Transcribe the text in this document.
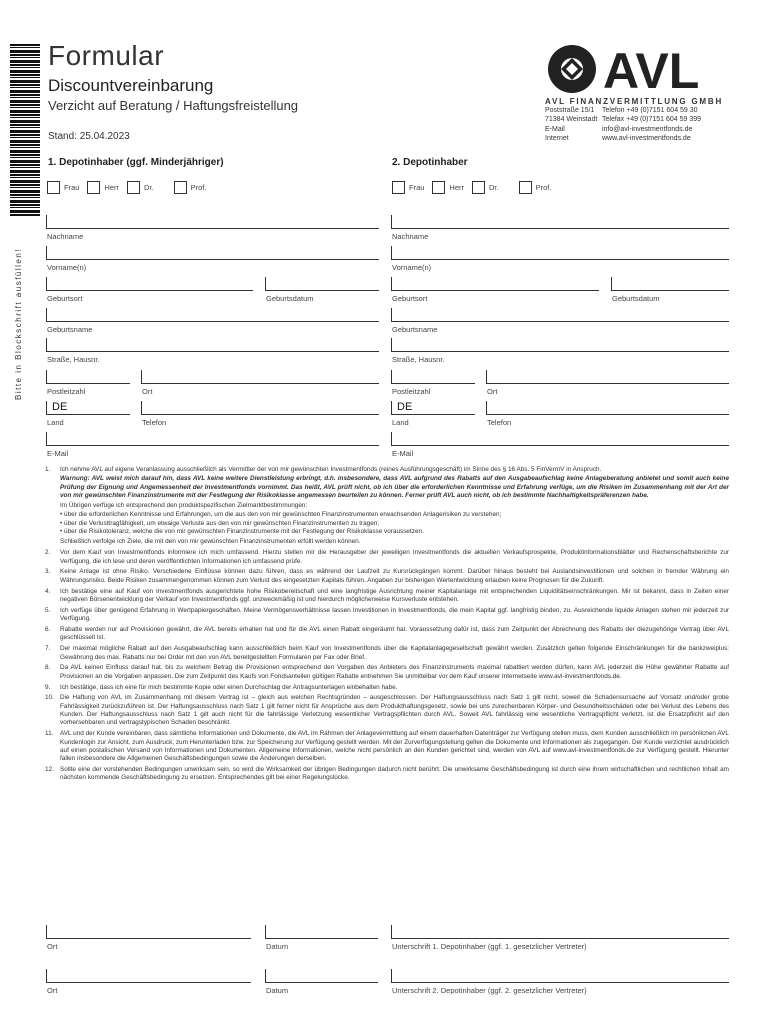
Bitte in Blockschrift ausfüllen!
Formular
Discountvereinbarung
Verzicht auf Beratung / Haftungsfreistellung
Stand: 25.04.2023
AVL
AVL FINANZVERMITTLUNG GMBH
Poststraße 15/1	Telefon +49 (0)7151 604 59 30
71384 Weinstadt Telefax +49 (0)7151 604 59 399
E-Mail	info@avl-investmentfonds.de
Internet	www.avl-investmentfonds.de
1. Depotinhaber (ggf. Minderjähriger)	2. Depotinhaber
Frau	Herr	Dr.	Prof.	Frau	Herr	Dr.	Prof.
Nachname
Vorname(n)
Geburtsort	Geburtsdatum
Geburtsname
Straße, Hausnr.
Postleitzahl	Ort
DE
Land	Telefon
E-Mail
Nachname
Vorname(n)
Geburtsort	Geburtsdatum
Geburtsname
Straße, Hausnr.
Postleitzahl	Ort
DE
Land	Telefon
E-Mail
1.	Ich nehme AVL auf eigene Veranlassung ausschließlich als Vermittler der von mir gewünschten Investmentfonds (reines Ausführungsgeschäft) im Sinne des § 16 Abs. 5 FinVermV in Anspruch.
Warnung: AVL weist mich darauf hin, dass AVL keine weitere Dienstleistung erbringt, d.h. insbesondere, dass AVL aufgrund des Rabatts auf den Ausgabeaufschlag keine Anlageberatung anbietet und somit auch keine Prüfung der Eignung und Angemessenheit der Investmentfonds vornimmt. Das heißt, AVL prüft nicht, ob ich über die erforderlichen Kenntnisse und Erfahrung verfüge, um die Risiken im Zusammenhang mit der Art der von mir gewünschten Finanzinstrumente mit der Festlegung der Risikoklasse angemessen beurteilen zu können. Ferner prüft AVL auch nicht, ob ich bestimmte Nachhaltigkeitspräferenzen habe.
Im Übrigen verfüge ich entsprechend den produktspezifischen Zielmarktbestimmungen:
• über die erforderlichen Kenntnisse und Erfahrungen, um die aus den von mir gewünschten Finanzinstrumenten erwachsenden Anlagerisiken zu verstehen;
• über die Verlusttragfähigkeit, um etwaige Verluste aus den von mir gewünschten Finanzinstrumenten zu tragen;
• über die Risikotoleranz, welche die von mir gewünschten Finanzinstrumente mit der Festlegung der Risikoklasse voraussetzen.
Schließlich verfolge ich Ziele, die mit den von mir gewünschten Finanzinstrumenten erfüllt werden können.
2.	Vor dem Kauf von Investmentfonds informiere ich mich umfassend. Hierzu stellen mir die Herausgeber der jeweiligen Investmentfonds die aktuellen Verkaufsprospekte, Produktinformationsblätter und Rechenschaftsberichte zur Verfügung, die ich lese und deren veröffentlichten Informationen ich umfassend prüfe.
3.	Keine Anlage ist ohne Risiko. Verschiedene Einflüsse können dazu führen, dass es während der Laufzeit zu Kursrückgängen kommt. Darüber hinaus besteht bei Auslandsinvestitionen und solchen in fremder Währung ein Währungsrisiko. Beide Risiken zusammengenommen können zum Verlust des eingesetzten Kapitals führen. Angaben zur bisherigen Wertentwicklung erlauben keine Prognosen für die Zukunft.
4.	Ich bestätige eine auf Kauf von Investmentfonds ausgerichtete hohe Risikobereitschaft und eine langfristige Ausrichtung meiner Kapitalanlage mit entsprechenden Liquiditätseinschränkungen. Mir ist bekannt, dass in Zeiten einer negativen Börsenentwicklung der Verkauf von Investmentfonds ggf. unzweckmäßig ist und hierdurch möglicherweise Kursverluste entstehen.
5.	Ich verfüge über genügend Erfahrung in Wertpapiergeschäften. Meine Vermögensverhältnisse lassen Investitionen in Investmentfonds, die mein Kapital ggf. langfristig binden, zu. Ausreichende liquide Anlagen stehen mir jederzeit zur Verfügung.
6.	Rabatte werden nur auf Provisionen gewährt, die AVL bereits erhalten hat und für die AVL einen Rabatt eingeräumt hat. Voraussetzung dafür ist, dass zum Zeitpunkt der Abrechnung des Rabatts der diezugehörige Vertrag über AVL geschlüsselt ist.
7.	Der maximal mögliche Rabatt auf den Ausgabeaufschlag kann ausschließlich beim Kauf von Investmentfonds über die Kapitalanlagegesellschaft gewährt werden. Zusätzlich gelten folgende Einschränkungen für die bankzweiplus: Gewährung des max. Rabatts nur bei Order mit den von AVL bereitgestellten Formularen per Fax oder Brief.
8.	Da AVL keinen Einfluss darauf hat, bis zu welchem Betrag die Provisionen entsprechend den Vorgaben des Anbieters des Finanzinstruments maximal rabattiert werden dürfen, kann AVL jederzeit die Höhe gewährter Rabatte auf Provisionen an die Vorgaben anpassen. Die zum Zeitpunkt des Kaufs von Fondsanteilen gültigen Rabatte entnehmen Sie unmittelbar vor dem Kauf unserer Internetseite www.avl-investmentfonds.de.
9.	Ich bestätige, dass ich eine für mich bestimmte Kopie oder einen Durchschlag der Antragsunterlagen einbehalten habe.
10. Die Haftung von AVL im Zusammenhang mit diesem Vertrag ist – gleich aus welchen Rechtsgründen – ausgeschlossen. Der Haftungsausschluss nach Satz 1 gilt nicht, soweit die Schadensursache auf Vorsatz und/oder grobe Fahrlässigkeit zurückzuführen ist. Der Haftungsausschluss nach Satz 1 gilt ferner nicht für Ansprüche aus dem Produkthaftungsgesetz, sowie bei uns zurechenbaren Körper- und Gesundheitsschäden oder bei Verlust des Lebens des Kunden. Der Haftungsausschluss nach Satz 1 gilt auch nicht für die fahrlässige Verletzung wesentlicher Vertragspflichten durch AVL. Soweit AVL fahrlässig eine wesentliche Vertragspflicht verletzt, ist die Ersatzpflicht auf den vorhersehbaren und vertragstypischen Schaden beschränkt.
11.	AVL und der Kunde vereinbaren, dass sämtliche Informationen und Dokumente, die AVL im Rahmen der Anlagevermittlung auf einem dauerhaften Datenträger zur Verfügung stellen muss, dem Kunden ausschließlich im persönlichen AVL Kundenlogin zur Ansicht, zum Ausdruck, zum Herunterladen bzw. zur Speicherung zur Verfügung gestellt werden. Mit der Zurverfügungstellung gelten die Dokumente und Informationen als zugegangen. Der Kunde verzichtet ausdrücklich auf einen postalischen Versand von Informationen und Dokumenten. Allgemeine Informationen, welche nicht persönlich an den Kunden gerichtet sind, werden von AVL auf www.avl-investmentfonds.de zur Verfügung gestellt. Hierunter fallen insbesondere die Allgemeinen Geschäftsbedingungen sowie die Änderungen derselben.
12. Sollte eine der vorstehenden Bedingungen unwirksam sein, so wird die Wirksamkeit der übrigen Bedingungen dadurch nicht berührt. Die unwirksame Geschäftsbedingung ist durch eine ihrem wirtschaftlichen und rechtlichen Inhalt am nächsten kommende Geschäftsbedingung zu ersetzen. Entsprechendes gilt bei einer Regelungslücke.
Ort	Datum	Unterschrift 1. Depotinhaber (ggf. 1. gesetzlicher Vertreter)
Ort	Datum	Unterschrift 2. Depotinhaber (ggf. 2. gesetzlicher Vertreter)
